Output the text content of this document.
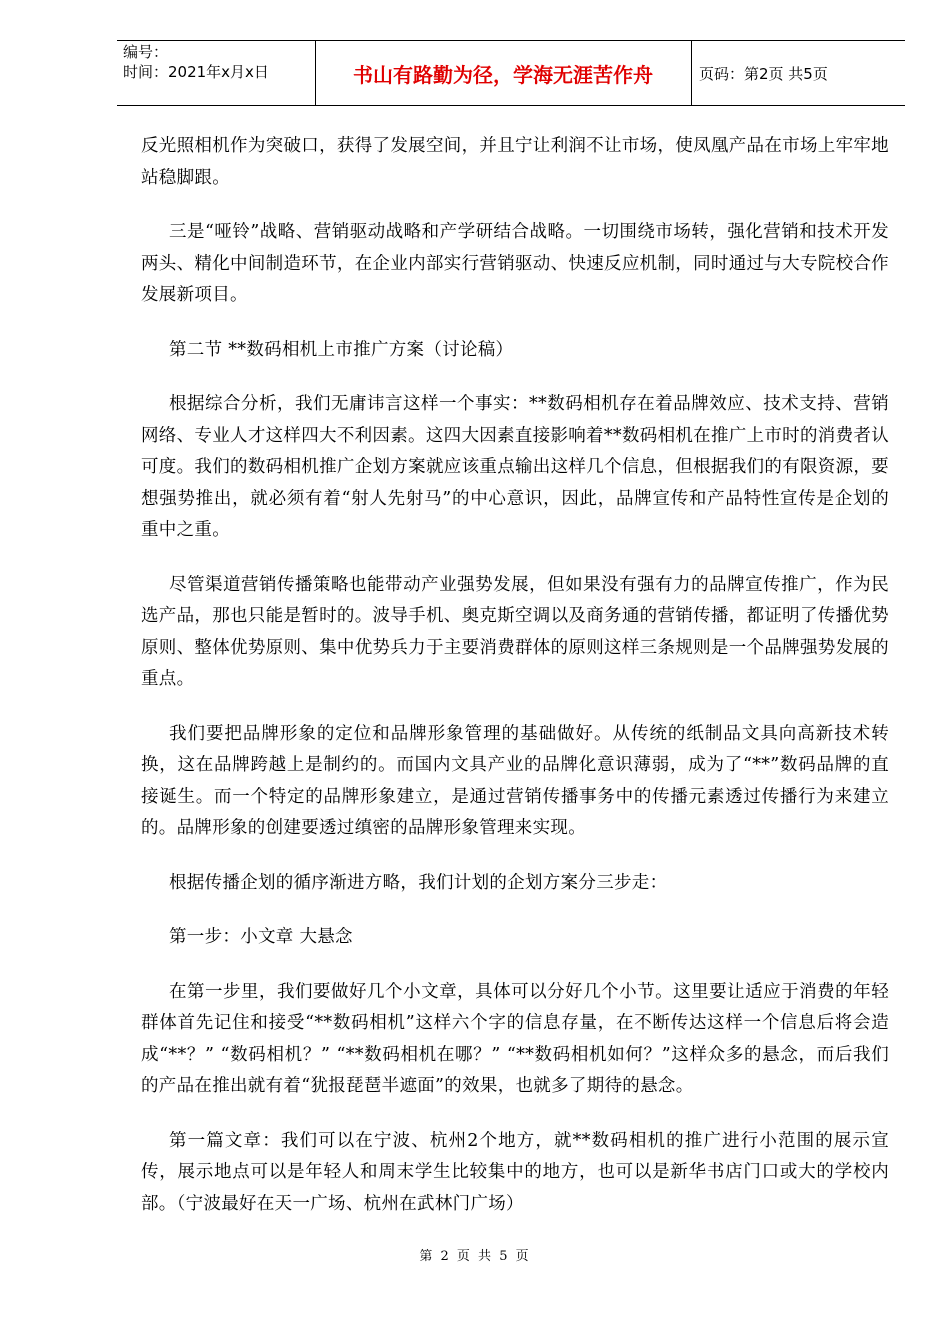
编号：
时间：2021年x月x日	书山有路勤为径，学海无涯苦作舟	页码：第2页 共5页

反光照相机作为突破口，获得了发展空间，并且宁让利润不让市场，使凤凰产品在市场上牢牢地站稳脚跟。

三是“哑铃”战略、营销驱动战略和产学研结合战略。一切围绕市场转，强化营销和技术开发两头、精化中间制造环节，在企业内部实行营销驱动、快速反应机制，同时通过与大专院校合作发展新项目。

第二节 **数码相机上市推广方案（讨论稿）

根据综合分析，我们无庸讳言这样一个事实：**数码相机存在着品牌效应、技术支持、营销网络、专业人才这样四大不利因素。这四大因素直接影响着**数码相机在推广上市时的消费者认可度。我们的数码相机推广企划方案就应该重点输出这样几个信息，但根据我们的有限资源，要想强势推出，就必须有着“射人先射马”的中心意识，因此，品牌宣传和产品特性宣传是企划的重中之重。

尽管渠道营销传播策略也能带动产业强势发展，但如果没有强有力的品牌宣传推广，作为民选产品，那也只能是暂时的。波导手机、奥克斯空调以及商务通的营销传播，都证明了传播优势原则、整体优势原则、集中优势兵力于主要消费群体的原则这样三条规则是一个品牌强势发展的重点。

我们要把品牌形象的定位和品牌形象管理的基础做好。从传统的纸制品文具向高新技术转换，这在品牌跨越上是制约的。而国内文具产业的品牌化意识薄弱，成为了“**”数码品牌的直接诞生。而一个特定的品牌形象建立，是通过营销传播事务中的传播元素透过传播行为来建立的。品牌形象的创建要透过缜密的品牌形象管理来实现。

根据传播企划的循序渐进方略，我们计划的企划方案分三步走：

第一步：小文章 大悬念

在第一步里，我们要做好几个小文章，具体可以分好几个小节。这里要让适应于消费的年轻群体首先记住和接受“**数码相机”这样六个字的信息存量，在不断传达这样一个信息后将会造成“**？” “数码相机？” “**数码相机在哪？” “**数码相机如何？”这样众多的悬念，而后我们的产品在推出就有着“犹报琵琶半遮面”的效果，也就多了期待的悬念。

第一篇文章：我们可以在宁波、杭州2个地方，就**数码相机的推广进行小范围的展示宣传，展示地点可以是年轻人和周末学生比较集中的地方，也可以是新华书店门口或大的学校内部。（宁波最好在天一广场、杭州在武林门广场）

第 2 页 共 5 页
